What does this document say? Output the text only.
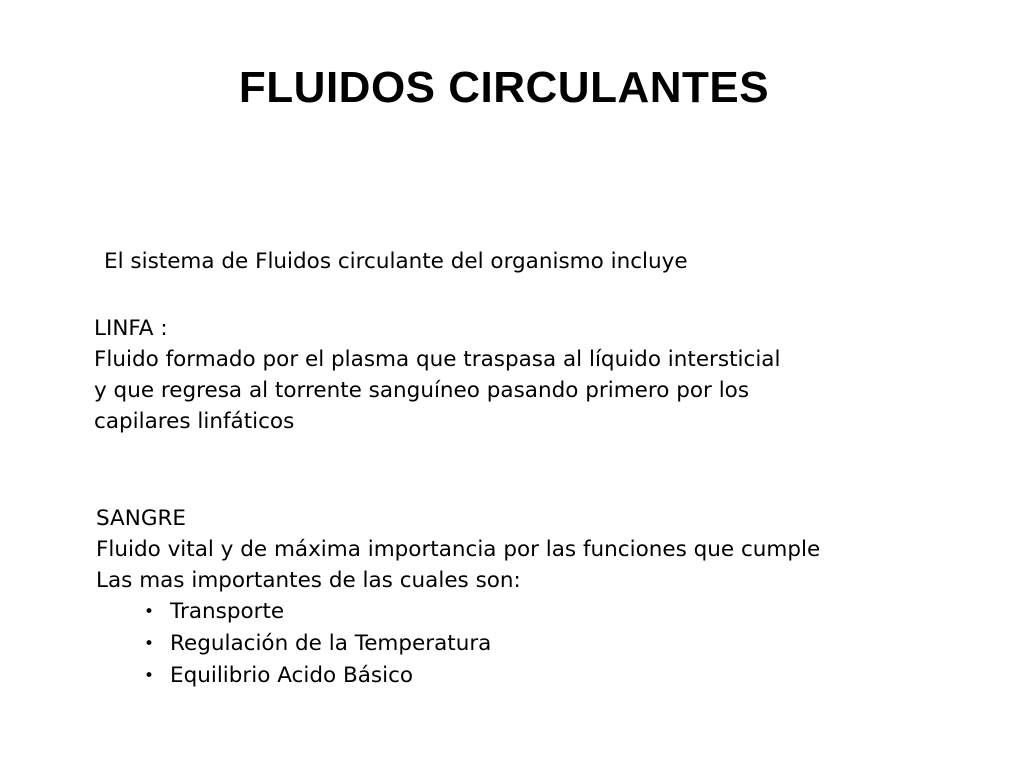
FLUIDOS CIRCULANTES
El sistema de Fluidos circulante del organismo incluye
LINFA :
Fluido formado por el plasma que traspasa al líquido intersticial
y que regresa al torrente sanguíneo pasando primero por los
capilares linfáticos
SANGRE
Fluido vital y de máxima importancia por las funciones que cumple
Las mas importantes de las cuales son:
• Transporte
• Regulación de la Temperatura
• Equilibrio Acido Básico
